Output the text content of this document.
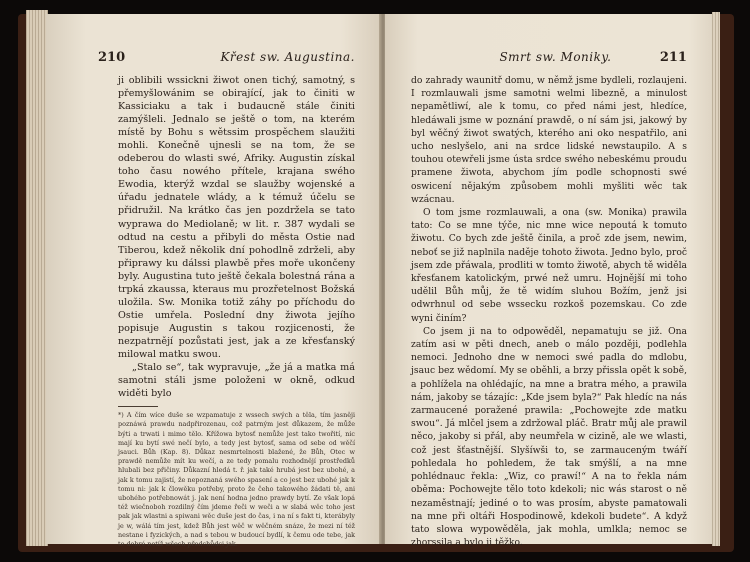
210	Křest sw. Augustina.

ji oblibili wssickni žiwot onen tichý, samotný, s přemyšlowánim se obirající, jak to činiti w Kassiciaku a tak i budaucně stále činiti zamýšleli. Jednalo se ještě o tom, na kterém místě by Bohu s wětssim prospěchem slaužiti mohli. Konečně ujnesli se na tom, že se odeberou do wlasti swé, Afriky. Augustin získal toho času nowého přítele, krajana swého Ewodia, kterýž wzdal se slaužby wojenské a úřadu jednatele wlády, a k témuž účelu se přidružil. Na krátko čas jen pozdržela se tato wyprawa do Mediolaně; w lit. r. 387 wydali se odtud na cestu a přibyli do města Ostie nad Tiberou, kdež několik dní pohodlně zdrželi, aby připrawy ku dálssi plawbě přes moře ukončeny byly. Augustina tuto ještě čekala bolestná rána a trpká zkaussa, kteraus mu prozřetelnost Božská uložila. Sw. Monika totiž záhy po příchodu do Ostie umřela. Poslední dny žiwota jejího popisuje Augustin s takou rozjicenosti, že nezpatrnějí pozůstati jest, jak a ze křesťanský milowal matku swou.

„Stalo se“, tak wypravuje, „že já a matka má samotni stáli jsme položeni w okně, odkud widěti bylo

*) A čím wíce duše se wzpamatuje z wssech swých a těla, tím jasněji poznáwá prawdu nadpřirozenau, což patrným jest důkazem, že může býti a trwati i mimo tělo. Křížowa bytosť nemůže jest tako twořití, nic mají ku bytí swé nečí bylo, a tedy jest bytosť, sama od sebe od wěčí jsauci. Bůh (Kap. 8). Důkaz nesmrtelnosti blažené, že Bůh, Otec w prawdě nemůže mít ku wečí, a ze tedy pomalu rozhodnějí prostředků hlubali bez přičiny. Důkazní hledá t. ř. jak také hrubá jest bez ubohé, a jak k tomu zajistí, že nepoznaná swého spasení a co jest bez ubohé jak k tomu ni: jak k člowěku potřeby, proto že čeho takowého žádati tě, ani ubohého potřebnowát j. jak není hodna jedno prawdy bytí. Ze však lopá též wiečnoboh rozdilný čím jdeme řeči w weči a w slabá wěc toho jest pak jak wlastni a spiwani wěc duše jest do čas, i na ní s fakt ti, kterábyly je w, wálá tím jest, kdež Bůh jest wěč w wěčném snáze, že mezi ní též nestane i fyzických, a nad s tebou w budoucí bydlí, k čemu ode tebe, jak to dobré netíž wšech předchůdci jak.

Smrt sw. Moniky.	211

do zahrady waunitř domu, w němž jsme bydleli, rozlaujeni. I rozmlauwali jsme samotni welmi libezně, a minulost nepamětliwí, ale k tomu, co před námi jest, hledíce, hledáwali jsme w poznání prawdě, o ní sám jsi, jakowý by byl wěčný žiwot swatých, kterého ani oko nespatřilo, ani ucho neslyšelo, ani na srdce lidské newstaupilo. A s touhou otewřeli jsme ústa srdce swého nebeskému proudu pramene žiwota, abychom jím podle schopnosti swé oswicení nějakým způsobem mohli myšliti wěc tak wzácnau.

O tom jsme rozmlauwali, a ona (sw. Monika) prawila tato: Co se mne týče, nic mne wice nepoutá k tomuto žiwotu. Co bych zde ještě činila, a proč zde jsem, newim, neboť se již naplnila naděje tohoto žiwota. Jedno bylo, proč jsem zde přáwala, prodliti w tomto žiwotě, abych tě widěla křesťanem katolickým, prwé než umru. Hojnější mi toho udělil Bůh můj, že tě widím sluhou Božím, jenž jsi odwrhnul od sebe wssecku rozkoš pozemskau. Co zde wyni činím?

Co jsem ji na to odpowěděl, nepamatuju se již. Ona zatím asi w pěti dnech, aneb o málo později, podlehla nemoci. Jednoho dne w nemoci swé padla do mdlobu, jsauc bez wědomí. My se oběhli, a brzy přissla opět k sobě, a pohlížela na ohlédajíc, na mne a bratra mého, a prawila nám, jakoby se tázajíc: „Kde jsem byla?“ Pak hledíc na nás zarmaucené poražené prawila: „Pochowejte zde matku swou“. Já mlčel jsem a zdržowal pláč. Bratr můj ale prawil něco, jakoby si přál, aby neumřela w cizině, ale we wlasti, což jest šťastnější. Slyšíwši to, se zarmauceným twáří pohledala ho pohledem, že tak smýšlí, a na mne pohlédnauc řekla: „Wiz, co prawí!“ A na to řekla nám oběma: Pochowejte tělo toto kdekoli; nic wás starost o ně nezaměstnají; jediné o to was prosím, abyste pamatowali na mne při oltáři Hospodinowě, kdekoli budete“. A když tato slowa wypowěděla, jak mohla, umlkla; nemoc se zhorssila a bylo ji těžko.
